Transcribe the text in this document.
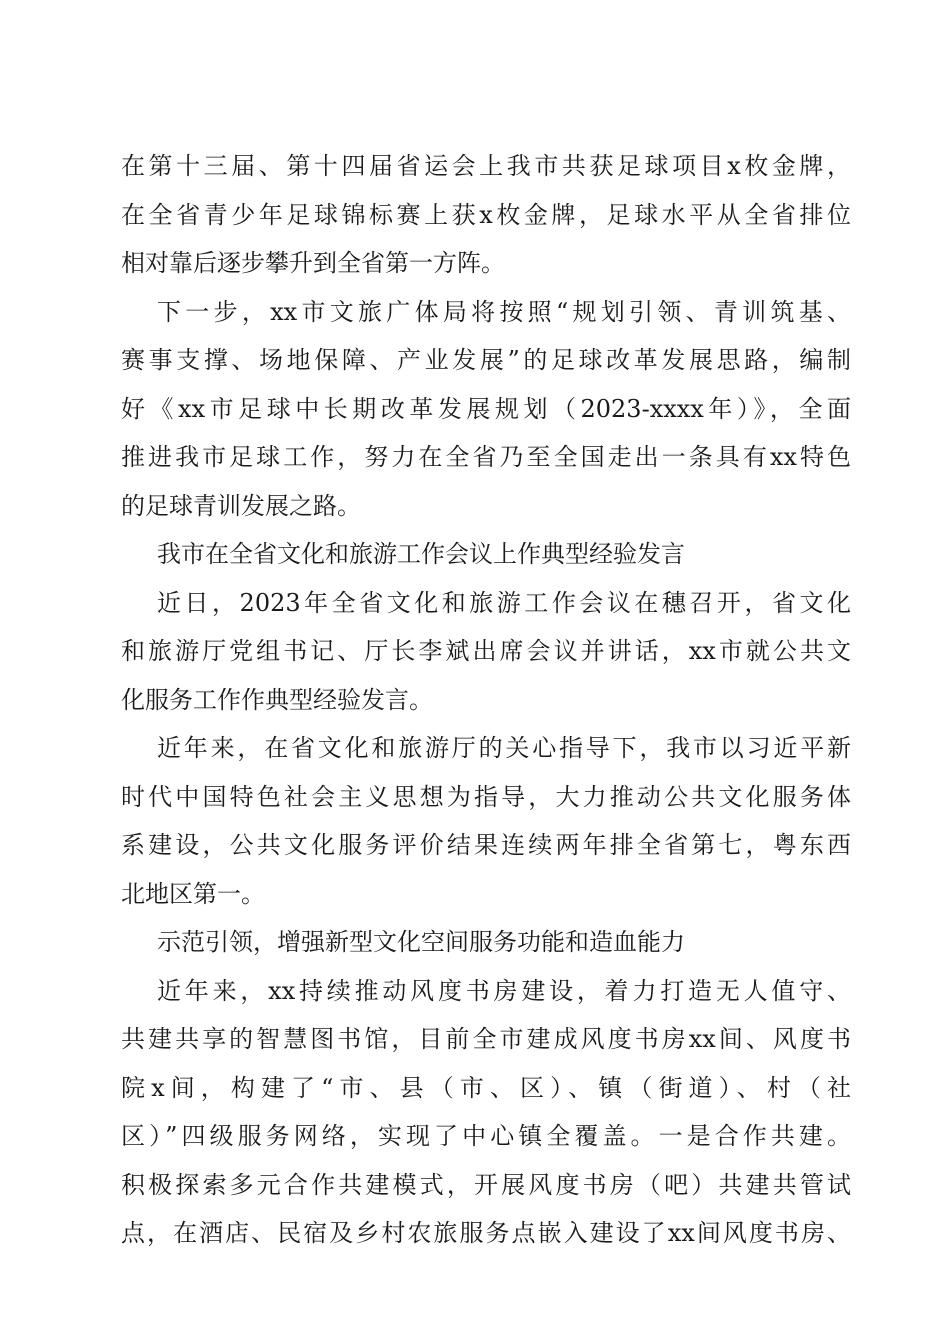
在第十三届、第十四届省运会上我市共获足球项目x枚金牌，
在全省青少年足球锦标赛上获x枚金牌，足球水平从全省排位
相对靠后逐步攀升到全省第一方阵。
下一步，xx市文旅广体局将按照“规划引领、青训筑基、
赛事支撑、场地保障、产业发展”的足球改革发展思路，编制
好《xx市足球中长期改革发展规划（2023-xxxx年）》，全面
推进我市足球工作，努力在全省乃至全国走出一条具有xx特色
的足球青训发展之路。
我市在全省文化和旅游工作会议上作典型经验发言
近日，2023年全省文化和旅游工作会议在穗召开，省文化
和旅游厅党组书记、厅长李斌出席会议并讲话，xx市就公共文
化服务工作作典型经验发言。
近年来，在省文化和旅游厅的关心指导下，我市以习近平新
时代中国特色社会主义思想为指导，大力推动公共文化服务体
系建设，公共文化服务评价结果连续两年排全省第七，粤东西
北地区第一。
示范引领，增强新型文化空间服务功能和造血能力
近年来，xx持续推动风度书房建设，着力打造无人值守、
共建共享的智慧图书馆，目前全市建成风度书房xx间、风度书
院x间，构建了“市、县（市、区）、镇（街道）、村（社
区）”四级服务网络，实现了中心镇全覆盖。一是合作共建。
积极探索多元合作共建模式，开展风度书房（吧）共建共管试
点，在酒店、民宿及乡村农旅服务点嵌入建设了xx间风度书房、
